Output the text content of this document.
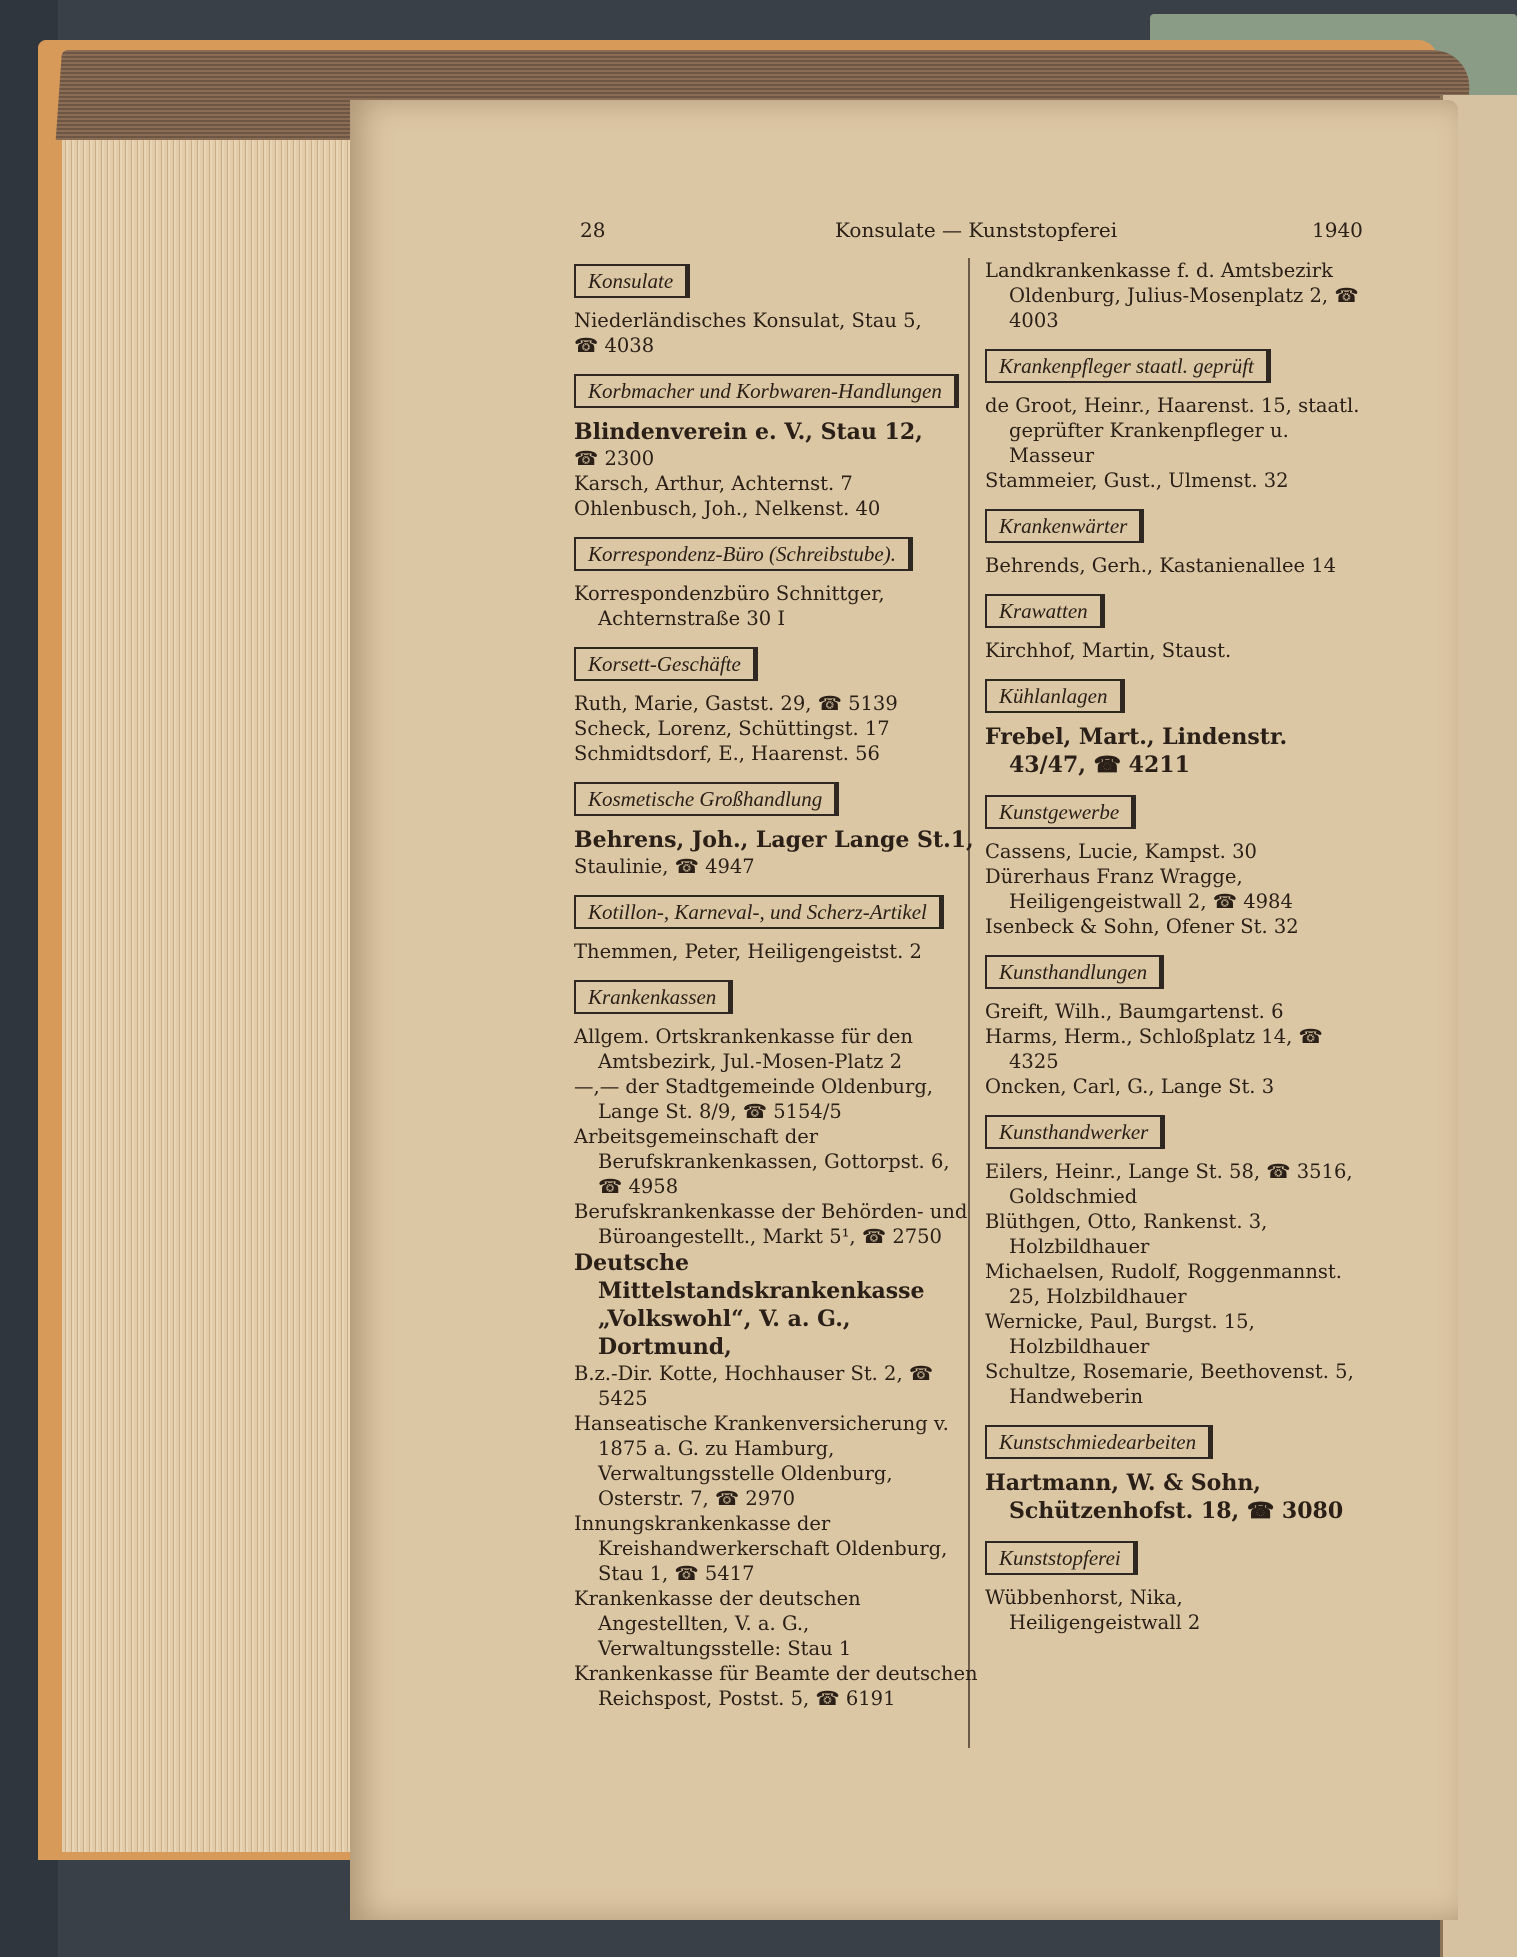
28	Konsulate — Kunststopferei	1940
Konsulate

Niederländisches Konsulat, Stau 5,

☎ 4038

Korbmacher und Korbwaren-Handlungen

Blindenverein e. V., Stau 12,

☎ 2300

Karsch, Arthur, Achternst. 7

Ohlenbusch, Joh., Nelkenst. 40

Korrespondenz-Büro (Schreibstube).

Korrespondenzbüro Schnittger, Achternstraße 30 I

Korsett-Geschäfte

Ruth, Marie, Gastst. 29, ☎ 5139

Scheck, Lorenz, Schüttingst. 17

Schmidtsdorf, E., Haarenst. 56

Kosmetische Großhandlung

Behrens, Joh., Lager Lange St.1,

Staulinie, ☎ 4947

Kotillon-, Karneval-, und Scherz-Artikel

Themmen, Peter, Heiligengeistst. 2

Krankenkassen

Allgem. Ortskrankenkasse für den Amtsbezirk, Jul.-Mosen-Platz 2

—,— der Stadtgemeinde Oldenburg, Lange St. 8/9, ☎ 5154/5

Arbeitsgemeinschaft der Berufskrankenkassen, Gottorpst. 6, ☎ 4958

Berufskrankenkasse der Behörden- und Büroangestellt., Markt 5¹, ☎ 2750

Deutsche Mittelstandskrankenkasse „Volkswohl“, V. a. G., Dortmund,

B.z.-Dir. Kotte, Hochhauser St. 2, ☎ 5425

Hanseatische Krankenversicherung v. 1875 a. G. zu Hamburg, Verwaltungsstelle Oldenburg, Osterstr. 7, ☎ 2970

Innungskrankenkasse der Kreishandwerkerschaft Oldenburg, Stau 1, ☎ 5417

Krankenkasse der deutschen Angestellten, V. a. G., Verwaltungsstelle: Stau 1

Krankenkasse für Beamte der deutschen Reichspost, Postst. 5, ☎ 6191

Landkrankenkasse f. d. Amtsbezirk Oldenburg, Julius-Mosenplatz 2, ☎ 4003

Krankenpfleger staatl. geprüft

de Groot, Heinr., Haarenst. 15, staatl. geprüfter Krankenpfleger u. Masseur

Stammeier, Gust., Ulmenst. 32

Krankenwärter

Behrends, Gerh., Kastanienallee 14

Krawatten

Kirchhof, Martin, Staust.

Kühlanlagen

Frebel, Mart., Lindenstr. 43/47, ☎ 4211

Kunstgewerbe

Cassens, Lucie, Kampst. 30

Dürerhaus Franz Wragge, Heiligengeistwall 2, ☎ 4984

Isenbeck & Sohn, Ofener St. 32

Kunsthandlungen

Greift, Wilh., Baumgartenst. 6

Harms, Herm., Schloßplatz 14, ☎ 4325

Oncken, Carl, G., Lange St. 3

Kunsthandwerker

Eilers, Heinr., Lange St. 58, ☎ 3516, Goldschmied

Blüthgen, Otto, Rankenst. 3, Holzbildhauer

Michaelsen, Rudolf, Roggenmannst. 25, Holzbildhauer

Wernicke, Paul, Burgst. 15, Holzbildhauer

Schultze, Rosemarie, Beethovenst. 5, Handweberin

Kunstschmiedearbeiten

Hartmann, W. & Sohn, Schützenhofst. 18, ☎ 3080

Kunststopferei

Wübbenhorst, Nika, Heiligengeistwall 2
